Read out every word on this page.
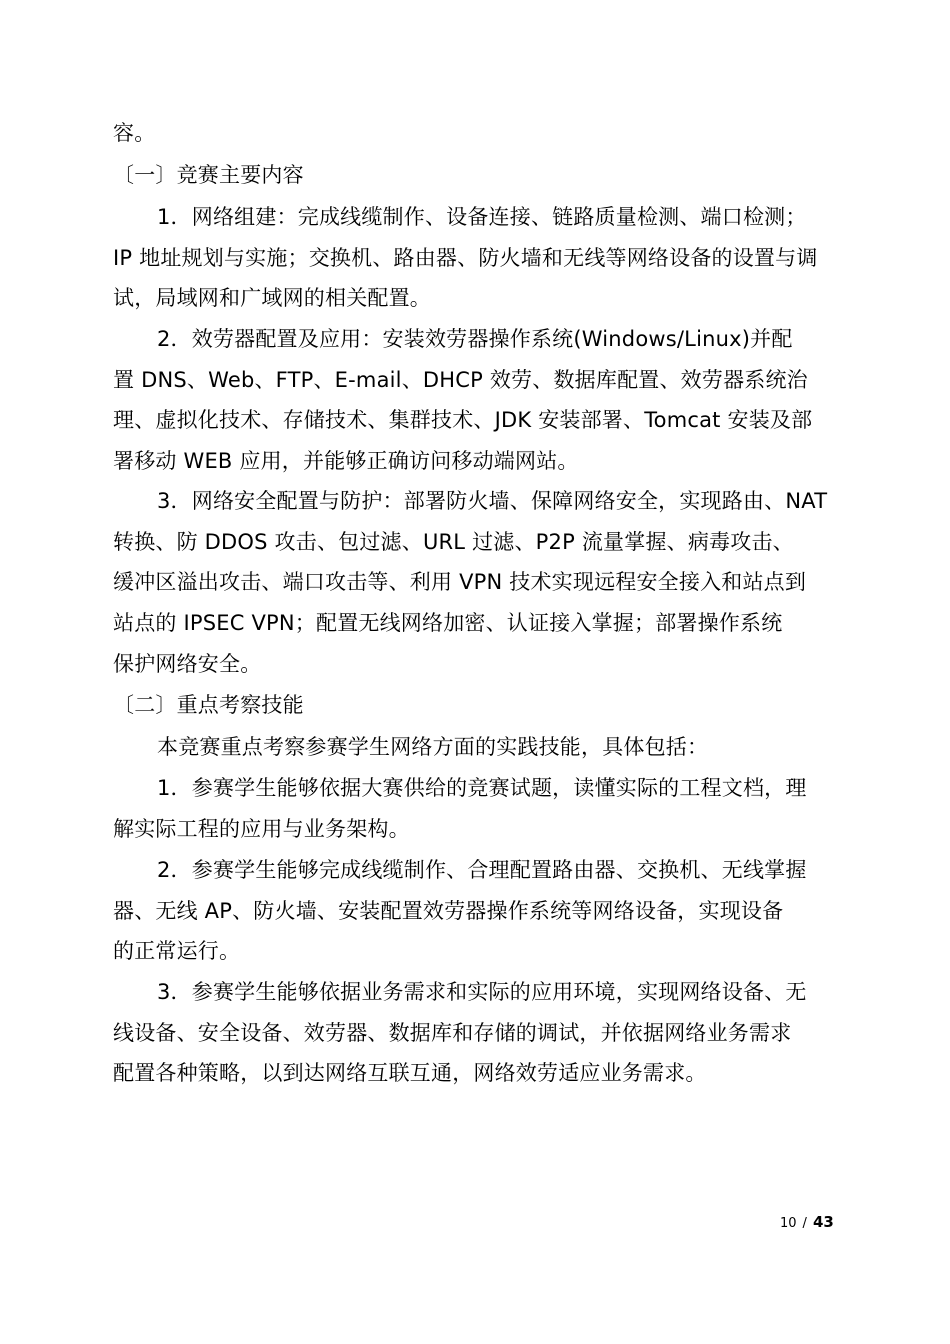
容。
〔一〕竞赛主要内容
1．网络组建：完成线缆制作、设备连接、链路质量检测、端口检测；
IP 地址规划与实施；交换机、路由器、防火墙和无线等网络设备的设置与调
试，局域网和广域网的相关配置。
2．效劳器配置及应用：安装效劳器操作系统(Windows/Linux)并配
置 DNS、Web、FTP、E-mail、DHCP 效劳、数据库配置、效劳器系统治
理、虚拟化技术、存储技术、集群技术、JDK 安装部署、Tomcat 安装及部
署移动 WEB 应用，并能够正确访问移动端网站。
3．网络安全配置与防护：部署防火墙、保障网络安全，实现路由、NAT
转换、防 DDOS 攻击、包过滤、URL 过滤、P2P 流量掌握、病毒攻击、
缓冲区溢出攻击、端口攻击等、利用 VPN 技术实现远程安全接入和站点到
站点的 IPSEC VPN；配置无线网络加密、认证接入掌握；部署操作系统
保护网络安全。
〔二〕重点考察技能
本竞赛重点考察参赛学生网络方面的实践技能，具体包括：
1．参赛学生能够依据大赛供给的竞赛试题，读懂实际的工程文档，理
解实际工程的应用与业务架构。
2．参赛学生能够完成线缆制作、合理配置路由器、交换机、无线掌握
器、无线 AP、防火墙、安装配置效劳器操作系统等网络设备，实现设备
的正常运行。
3．参赛学生能够依据业务需求和实际的应用环境，实现网络设备、无
线设备、安全设备、效劳器、数据库和存储的调试，并依据网络业务需求
配置各种策略，以到达网络互联互通，网络效劳适应业务需求。
10 / 43
